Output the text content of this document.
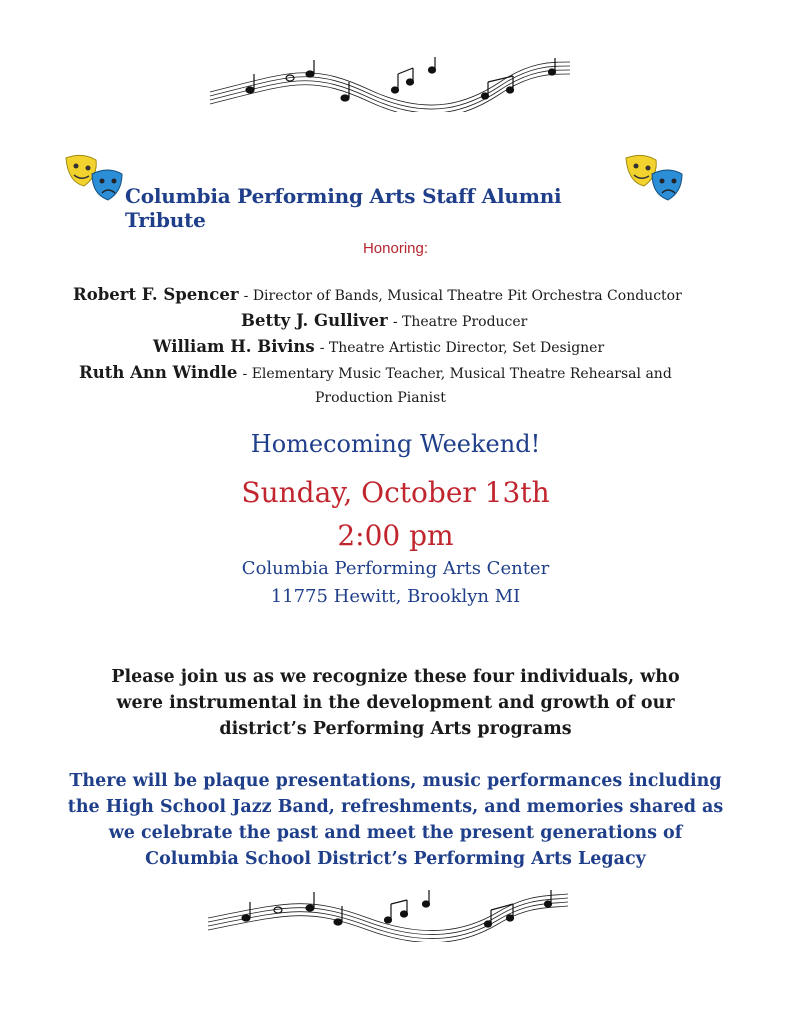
Columbia Performing Arts Staff Alumni Tribute
Honoring:
Robert F. Spencer - Director of Bands, Musical Theatre Pit Orchestra Conductor
Betty J. Gulliver - Theatre Producer
William H. Bivins - Theatre Artistic Director, Set Designer
Ruth Ann Windle - Elementary Music Teacher, Musical Theatre Rehearsal and
Production Pianist
Homecoming Weekend!
Sunday, October 13th
2:00 pm
Columbia Performing Arts Center
11775 Hewitt, Brooklyn MI
Please join us as we recognize these four individuals, who were instrumental in the development and growth of our district’s Performing Arts programs
There will be plaque presentations, music performances including the High School Jazz Band, refreshments, and memories shared as we celebrate the past and meet the present generations of Columbia School District’s Performing Arts Legacy
